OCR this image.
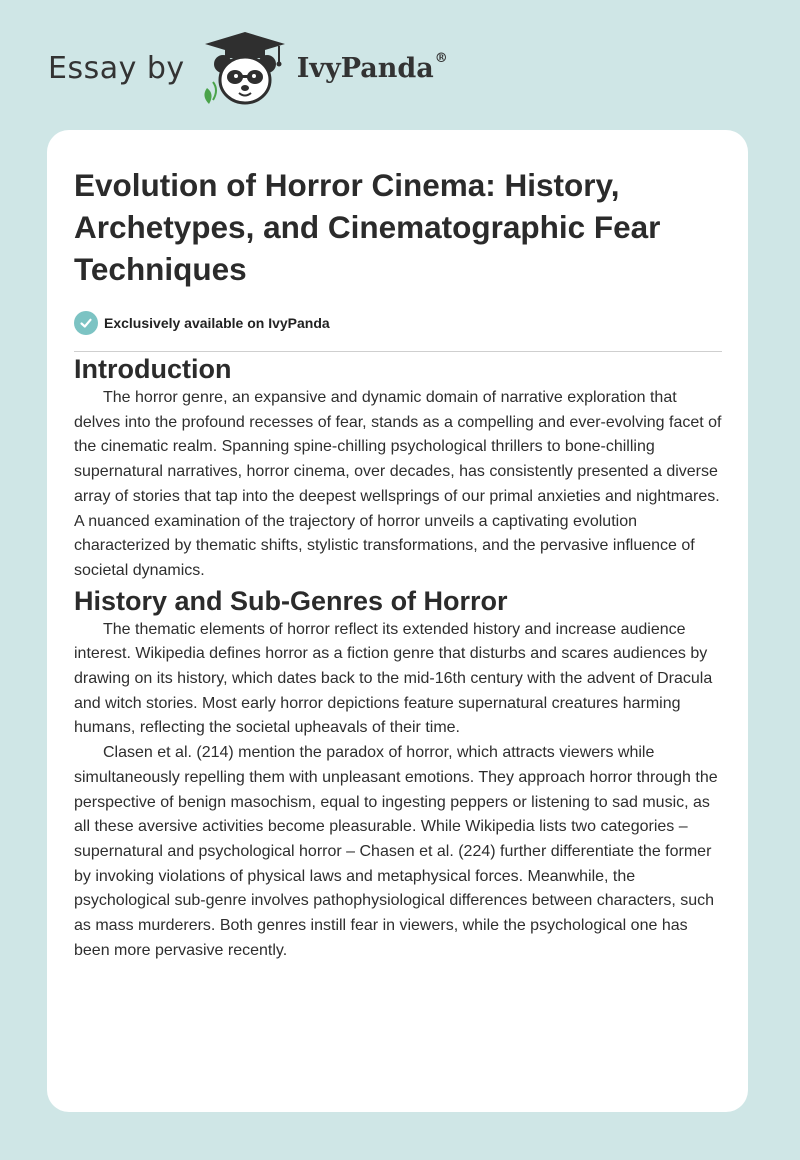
Essay by	IvyPanda®
Evolution of Horror Cinema: History, Archetypes, and Cinematographic Fear Techniques
Exclusively available on IvyPanda
Introduction

The horror genre, an expansive and dynamic domain of narrative exploration that delves into the profound recesses of fear, stands as a compelling and ever-evolving facet of the cinematic realm. Spanning spine-chilling psychological thrillers to bone-chilling supernatural narratives, horror cinema, over decades, has consistently presented a diverse array of stories that tap into the deepest wellsprings of our primal anxieties and nightmares. A nuanced examination of the trajectory of horror unveils a captivating evolution characterized by thematic shifts, stylistic transformations, and the pervasive influence of societal dynamics.

History and Sub-Genres of Horror

The thematic elements of horror reflect its extended history and increase audience interest. Wikipedia defines horror as a fiction genre that disturbs and scares audiences by drawing on its history, which dates back to the mid-16th century with the advent of Dracula and witch stories. Most early horror depictions feature supernatural creatures harming humans, reflecting the societal upheavals of their time.

Clasen et al. (214) mention the paradox of horror, which attracts viewers while simultaneously repelling them with unpleasant emotions. They approach horror through the perspective of benign masochism, equal to ingesting peppers or listening to sad music, as all these aversive activities become pleasurable. While Wikipedia lists two categories – supernatural and psychological horror – Chasen et al. (224) further differentiate the former by invoking violations of physical laws and metaphysical forces. Meanwhile, the psychological sub-genre involves pathophysiological differences between characters, such as mass murderers. Both genres instill fear in viewers, while the psychological one has been more pervasive recently.
